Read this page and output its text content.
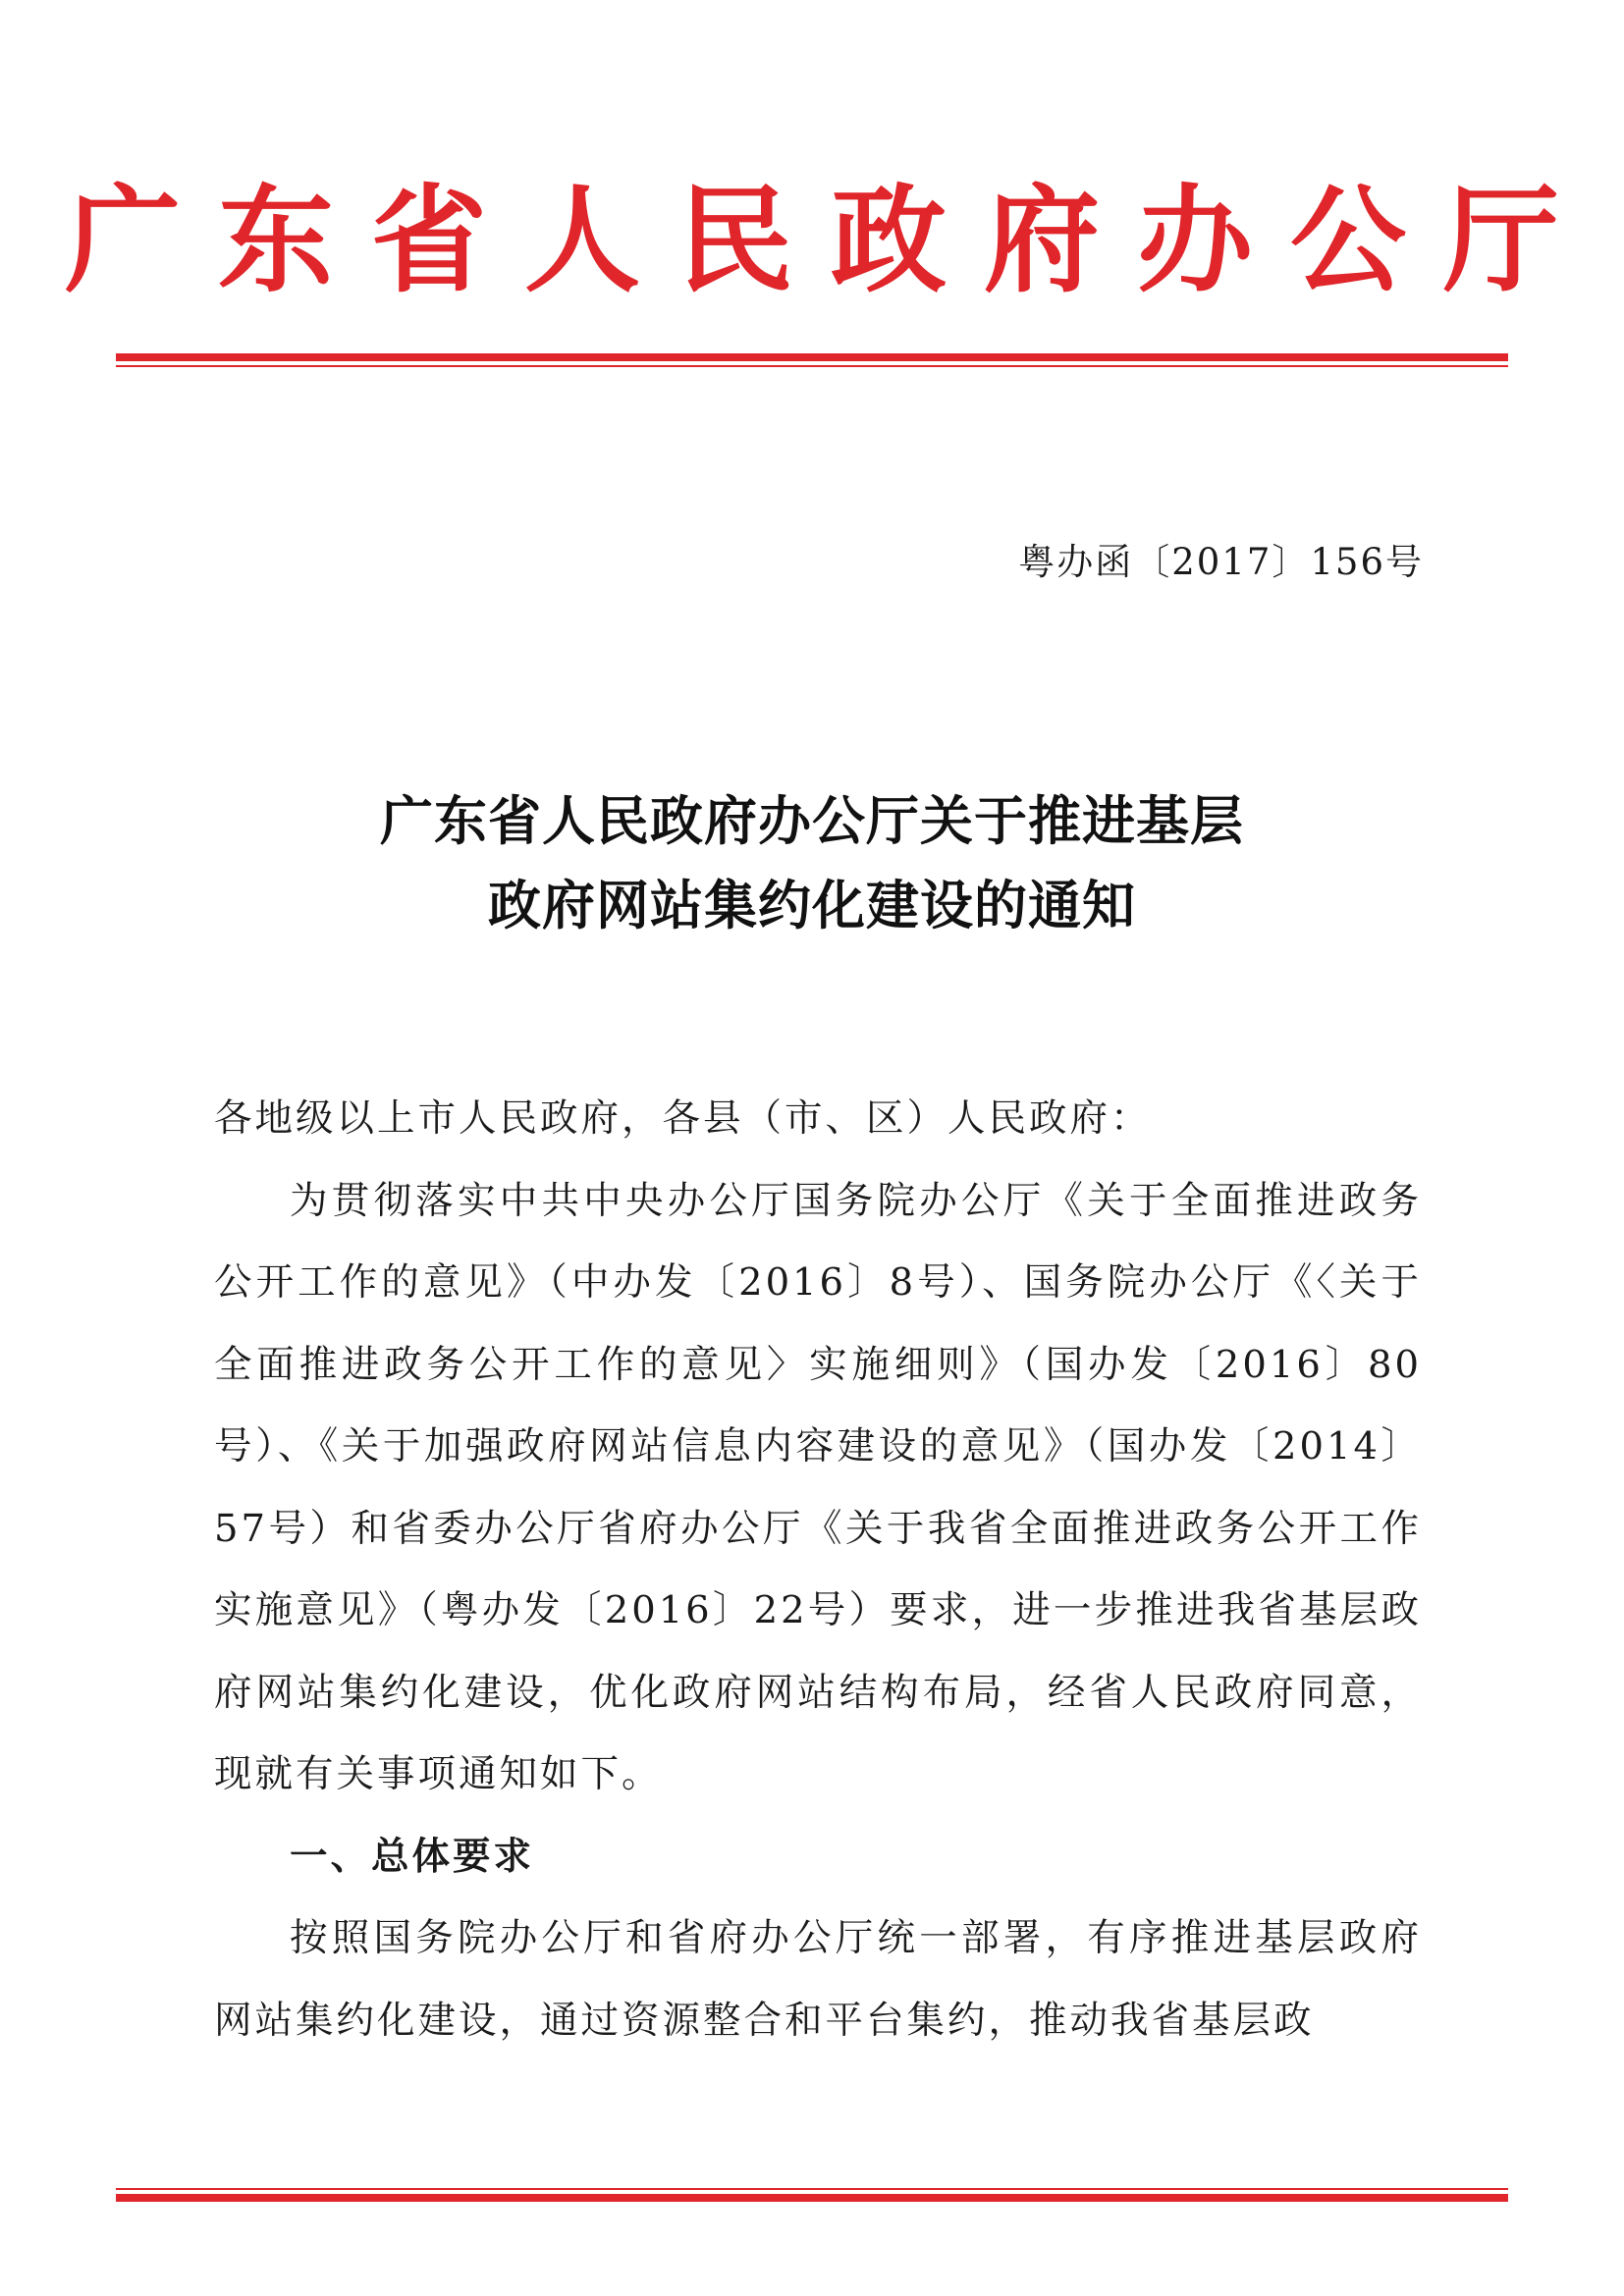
广东省人民政府办公厅
粤办函〔2017〕156号
广东省人民政府办公厅关于推进基层
政府网站集约化建设的通知

各地级以上市人民政府，各县（市、区）人民政府：

为贯彻落实中共中央办公厅国务院办公厅《关于全面推进政务公开工作的意见》（中办发〔2016〕8号）、国务院办公厅《〈关于全面推进政务公开工作的意见〉实施细则》（国办发〔2016〕80号）、《关于加强政府网站信息内容建设的意见》（国办发〔2014〕57号）和省委办公厅省府办公厅《关于我省全面推进政务公开工作实施意见》（粤办发〔2016〕22号）要求，进一步推进我省基层政府网站集约化建设，优化政府网站结构布局，经省人民政府同意，现就有关事项通知如下。

一、总体要求

按照国务院办公厅和省府办公厅统一部署，有序推进基层政府网站集约化建设，通过资源整合和平台集约，推动我省基层政
